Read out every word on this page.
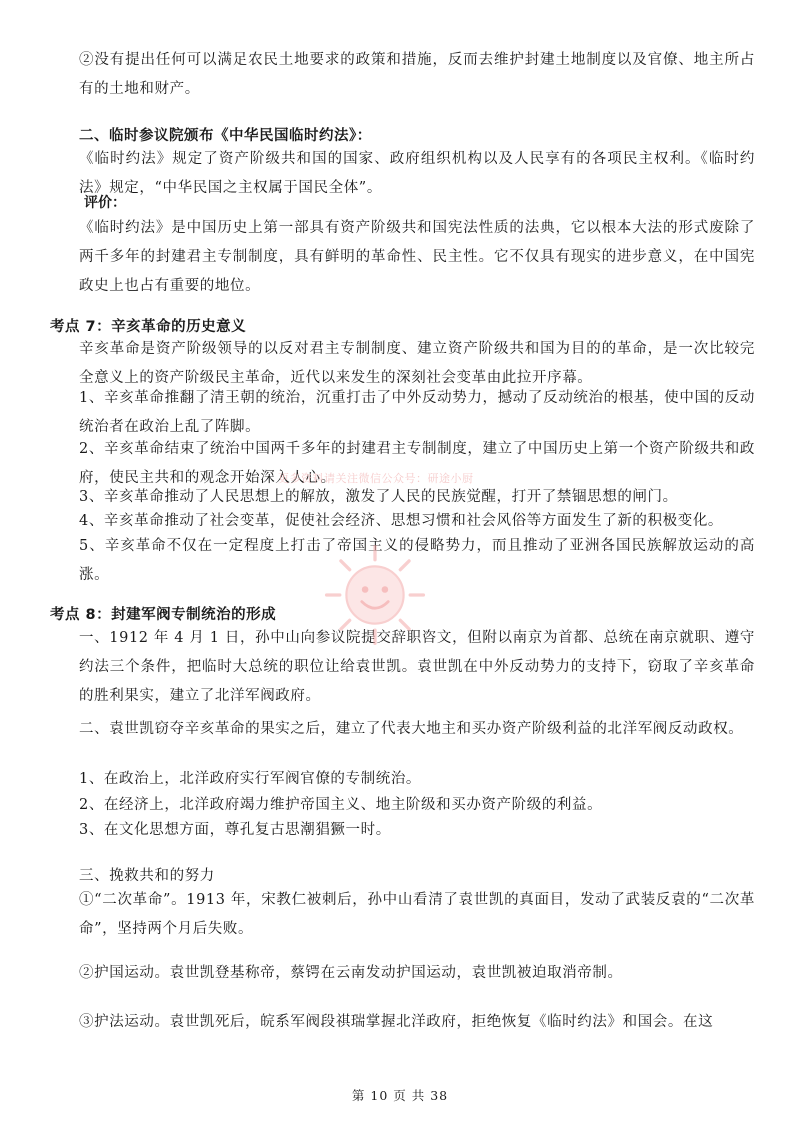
②没有提出任何可以满足农民土地要求的政策和措施，反而去维护封建土地制度以及官僚、地主所占有的土地和财产。
二、临时参议院颁布《中华民国临时约法》：
《临时约法》规定了资产阶级共和国的国家、政府组织机构以及人民享有的各项民主权利。《临时约法》规定，“中华民国之主权属于国民全体”。
评价：
《临时约法》是中国历史上第一部具有资产阶级共和国宪法性质的法典，它以根本大法的形式废除了两千多年的封建君主专制制度，具有鲜明的革命性、民主性。它不仅具有现实的进步意义，在中国宪政史上也占有重要的地位。
考点 7：辛亥革命的历史意义
辛亥革命是资产阶级领导的以反对君主专制制度、建立资产阶级共和国为目的的革命，是一次比较完全意义上的资产阶级民主革命，近代以来发生的深刻社会变革由此拉开序幕。
1、辛亥革命推翻了清王朝的统治，沉重打击了中外反动势力，撼动了反动统治的根基，使中国的反动统治者在政治上乱了阵脚。
2、辛亥革命结束了统治中国两千多年的封建君主专制制度，建立了中国历史上第一个资产阶级共和政府，使民主共和的观念开始深入人心。
3、辛亥革命推动了人民思想上的解放，激发了人民的民族觉醒，打开了禁锢思想的闸门。
4、辛亥革命推动了社会变革，促使社会经济、思想习惯和社会风俗等方面发生了新的积极变化。
5、辛亥革命不仅在一定程度上打击了帝国主义的侵略势力，而且推动了亚洲各国民族解放运动的高涨。
考点 8：封建军阀专制统治的形成
一、1912 年 4 月 1 日，孙中山向参议院提交辞职咨文，但附以南京为首都、总统在南京就职、遵守约法三个条件，把临时大总统的职位让给袁世凯。袁世凯在中外反动势力的支持下，窃取了辛亥革命的胜利果实，建立了北洋军阀政府。
二、袁世凯窃夺辛亥革命的果实之后，建立了代表大地主和买办资产阶级利益的北洋军阀反动政权。
1、在政治上，北洋政府实行军阀官僚的专制统治。
2、在经济上，北洋政府竭力维护帝国主义、地主阶级和买办资产阶级的利益。
3、在文化思想方面，尊孔复古思潮猖獗一时。
三、挽救共和的努力
①“二次革命”。1913 年，宋教仁被刺后，孙中山看清了袁世凯的真面目，发动了武装反袁的“二次革命”，坚持两个月后失败。
②护国运动。袁世凯登基称帝，蔡锷在云南发动护国运动，袁世凯被迫取消帝制。
③护法运动。袁世凯死后，皖系军阀段祺瑞掌握北洋政府，拒绝恢复《临时约法》和国会。在这
更多资料请关注微信公众号：研途小厨
第 10 页 共 38
